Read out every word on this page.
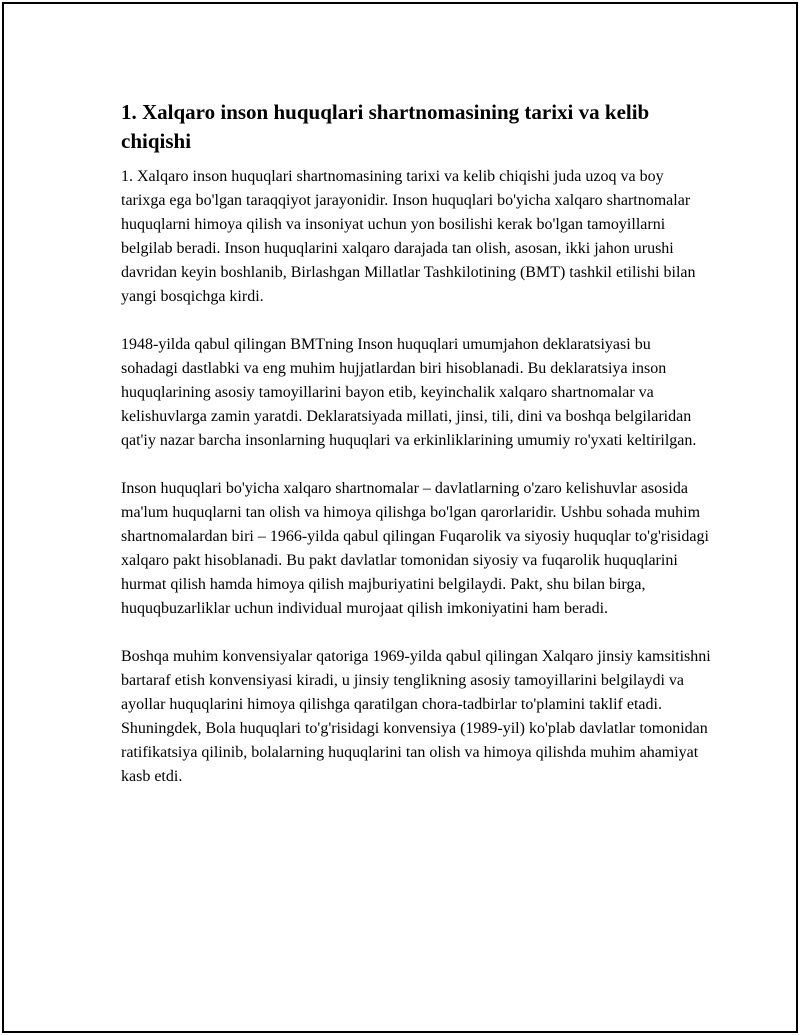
1. Xalqaro inson huquqlari shartnomasining tarixi va kelib chiqishi

1. Xalqaro inson huquqlari shartnomasining tarixi va kelib chiqishi juda uzoq va boy tarixga ega bo'lgan taraqqiyot jarayonidir. Inson huquqlari bo'yicha xalqaro shartnomalar huquqlarni himoya qilish va insoniyat uchun yon bosilishi kerak bo'lgan tamoyillarni belgilab beradi. Inson huquqlarini xalqaro darajada tan olish, asosan, ikki jahon urushi davridan keyin boshlanib, Birlashgan Millatlar Tashkilotining (BMT) tashkil etilishi bilan yangi bosqichga kirdi.

1948-yilda qabul qilingan BMTning Inson huquqlari umumjahon deklaratsiyasi bu sohadagi dastlabki va eng muhim hujjatlardan biri hisoblanadi. Bu deklaratsiya inson huquqlarining asosiy tamoyillarini bayon etib, keyinchalik xalqaro shartnomalar va kelishuvlarga zamin yaratdi. Deklaratsiyada millati, jinsi, tili, dini va boshqa belgilaridan qat'iy nazar barcha insonlarning huquqlari va erkinliklarining umumiy ro'yxati keltirilgan.

Inson huquqlari bo'yicha xalqaro shartnomalar – davlatlarning o'zaro kelishuvlar asosida ma'lum huquqlarni tan olish va himoya qilishga bo'lgan qarorlaridir. Ushbu sohada muhim shartnomalardan biri – 1966-yilda qabul qilingan Fuqarolik va siyosiy huquqlar to'g'risidagi xalqaro pakt hisoblanadi. Bu pakt davlatlar tomonidan siyosiy va fuqarolik huquqlarini hurmat qilish hamda himoya qilish majburiyatini belgilaydi. Pakt, shu bilan birga, huquqbuzarliklar uchun individual murojaat qilish imkoniyatini ham beradi.

Boshqa muhim konvensiyalar qatoriga 1969-yilda qabul qilingan Xalqaro jinsiy kamsitishni bartaraf etish konvensiyasi kiradi, u jinsiy tenglikning asosiy tamoyillarini belgilaydi va ayollar huquqlarini himoya qilishga qaratilgan chora-tadbirlar to'plamini taklif etadi. Shuningdek, Bola huquqlari to'g'risidagi konvensiya (1989-yil) ko'plab davlatlar tomonidan ratifikatsiya qilinib, bolalarning huquqlarini tan olish va himoya qilishda muhim ahamiyat kasb etdi.
